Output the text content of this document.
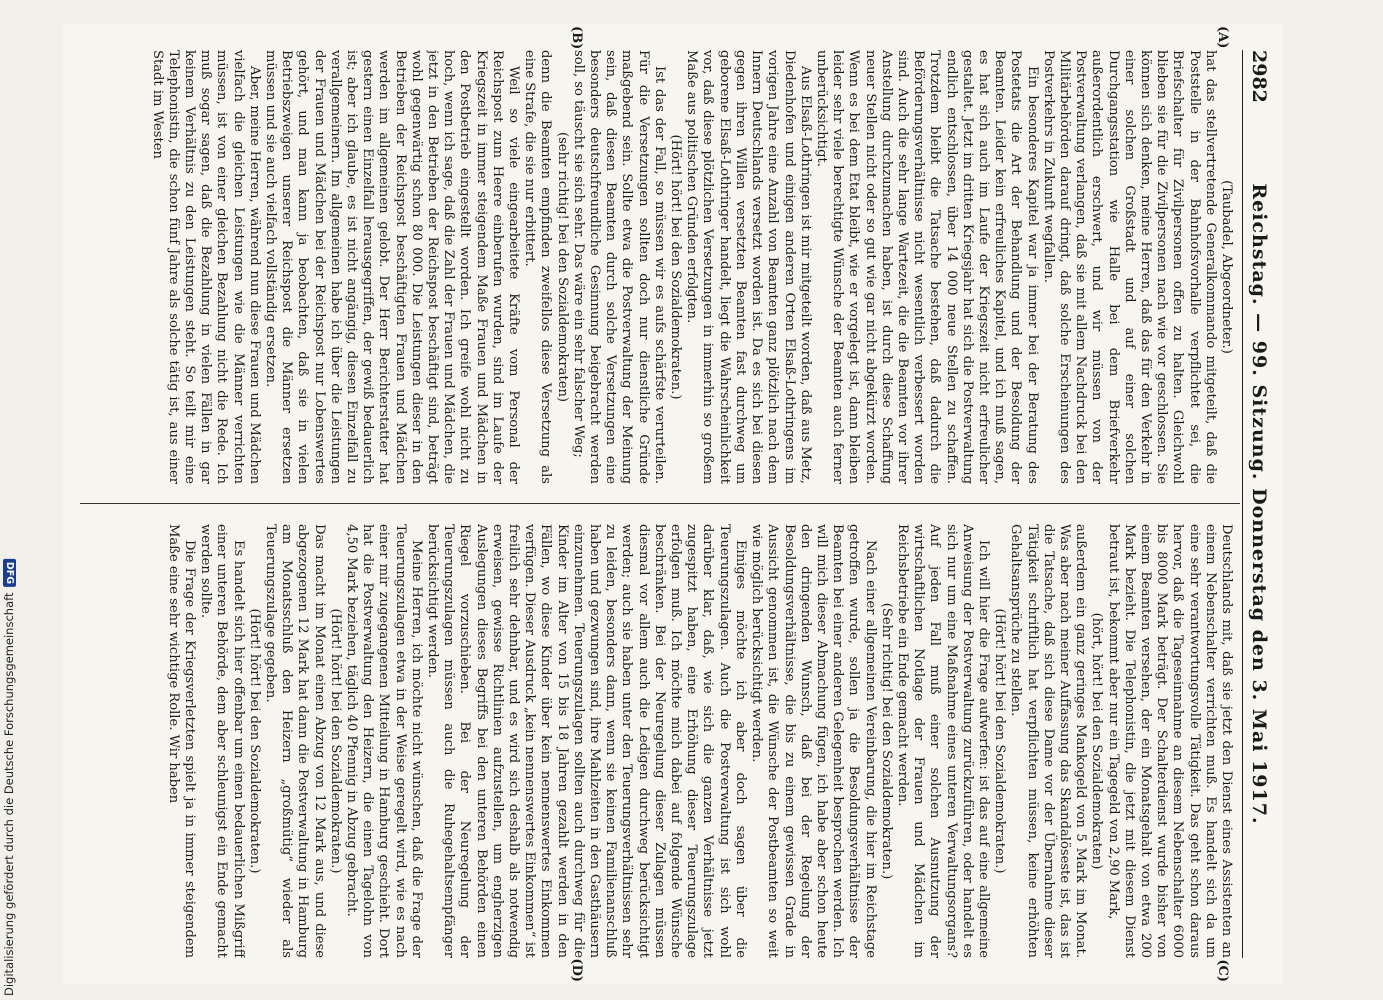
2982
Reichstag. — 99. Sitzung. Donnerstag den 3. Mai 1917.

(Taubadel, Abgeordneter.)

hat das stellvertretende Generalkommando mitgeteilt, daß die Poststelle in der Bahnhofsvorhalle verpflichtet sei, die Briefschalter für Zivilpersonen offen zu halten. Gleichwohl blieben sie für die Zivilpersonen nach wie vor geschlossen. Sie können sich denken, meine Herren, daß das für den Verkehr in einer solchen Großstadt und auf einer solchen Durchgangsstation wie Halle bei dem Briefverkehr außerordentlich erschwert, und wir müssen von der Postverwaltung verlangen, daß sie mit allem Nachdruck bei den Militärbehörden darauf dringt, daß solche Erscheinungen des Postverkehrs in Zukunft wegfallen.

Ein besonderes Kapitel war ja immer bei der Beratung des Postetats die Art der Behandlung und der Besoldung der Beamten. Leider kein erfreuliches Kapitel, und ich muß sagen, es hat sich auch im Laufe der Kriegszeit nicht erfreulicher gestaltet. Jetzt im dritten Kriegsjahr hat sich die Postverwaltung endlich entschlossen, über 14 000 neue Stellen zu schaffen. Trotzdem bleibt die Tatsache bestehen, daß dadurch die Beförderungsverhältnisse nicht wesentlich verbessert worden sind. Auch die sehr lange Wartezeit, die die Beamten vor ihrer Anstellung durchzumachen haben, ist durch diese Schaffung neuer Stellen nicht oder so gut wie gar nicht abgekürzt worden. Wenn es bei dem Etat bleibt, wie er vorgelegt ist, dann bleiben leider sehr viele berechtigte Wünsche der Beamten auch ferner unberücksichtigt.

Aus Elsaß-Lothringen ist mir mitgeteilt worden, daß aus Metz, Diedenhofen und einigen anderen Orten Elsaß-Lothringens im vorigen Jahre eine Anzahl von Beamten ganz plötzlich nach dem Innern Deutschlands versetzt worden ist. Da es sich bei diesen gegen ihren Willen versetzten Beamten fast durchweg um geborene Elsaß-Lothringer handelt, liegt die Wahrscheinlichkeit vor, daß diese plötzlichen Versetzungen in immerhin so großem Maße aus politischen Gründen erfolgten.

(Hört! hört! bei den Sozialdemokraten.)

Ist das der Fall, so müssen wir es aufs schärfste verurteilen. Für die Versetzungen sollten doch nur dienstliche Gründe maßgebend sein. Sollte etwa die Postverwaltung der Meinung sein, daß diesen Beamten durch solche Versetzungen eine besonders deutschfreundliche Gesinnung beigebracht werden soll, so täuscht sie sich sehr. Das wäre ein sehr falscher Weg;

(sehr richtig! bei den Sozialdemokraten)

denn die Beamten empfinden zweifellos diese Versetzung als eine Strafe, die sie nur erbittert.

Weil so viele eingearbeitete Kräfte vom Personal der Reichspost zum Heere einberufen wurden, sind im Laufe der Kriegszeit in immer steigendem Maße Frauen und Mädchen in den Postbetrieb eingestellt worden. Ich greife wohl nicht zu hoch, wenn ich sage, daß die Zahl der Frauen und Mädchen, die jetzt in den Betrieben der Reichspost beschäftigt sind, beträgt wohl gegenwärtig schon 80 000. Die Leistungen dieser in den Betrieben der Reichspost beschäftigten Frauen und Mädchen werden im allgemeinen gelobt. Der Herr Berichterstatter hat gestern einen Einzelfall herausgegriffen, der gewiß bedauerlich ist; aber ich glaube, es ist nicht angängig, diesen Einzelfall zu verallgemeinern. Im allgemeinen habe ich über die Leistungen der Frauen und Mädchen bei der Reichspost nur Lobenswertes gehört, und man kann ja beobachten, daß sie in vielen Betriebszweigen unserer Reichspost die Männer ersetzen müssen und sie auch vielfach vollständig ersetzen.

Aber, meine Herren, während nun diese Frauen und Mädchen vielfach die gleichen Leistungen wie die Männer verrichten müssen, ist von einer gleichen Bezahlung nicht die Rede. Ich muß sogar sagen, daß die Bezahlung in vielen Fällen in gar keinem Verhältnis zu den Leistungen steht. So teilt mir eine Telephonistin, die schon fünf Jahre als solche tätig ist, aus einer Stadt im Westen

Deutschlands mit, daß sie jetzt den Dienst eines Assistenten an einem Nebenschalter verrichten muß. Es handelt sich da um eine sehr verantwortungsvolle Tätigkeit. Das geht schon daraus hervor, daß die Tageseinnahme an diesem Nebenschalter 6000 bis 8000 Mark beträgt. Der Schalterdienst wurde bisher von einem Beamten versehen, der ein Monatsgehalt von etwa 200 Mark bezieht. Die Telephonistin, die jetzt mit diesem Dienst betraut ist, bekommt aber nur ein Tagegeld von 2,90 Mark,

(hört, hört! bei den Sozialdemokraten)

außerdem ein ganz geringes Mankogeld von 5 Mark im Monat. Was aber nach meiner Auffassung das Skandalöseste ist, das ist die Tatsache, daß sich diese Dame vor der Übernahme dieser Tätigkeit schriftlich hat verpflichten müssen, keine erhöhten Gehaltsansprüche zu stellen.

(Hört! hört! bei den Sozialdemokraten.)

Ich will hier die Frage aufwerfen: ist das auf eine allgemeine Anweisung der Postverwaltung zurückzuführen, oder handelt es sich nur um eine Maßnahme eines unteren Verwaltungsorgans? Auf jeden Fall muß einer solchen Ausnutzung der wirtschaftlichen Notlage der Frauen und Mädchen im Reichsbetriebe ein Ende gemacht werden.

(Sehr richtig! bei den Sozialdemokraten.)

Nach einer allgemeinen Vereinbarung, die hier im Reichstage getroffen wurde, sollen ja die Besoldungsverhältnisse der Beamten bei einer anderen Gelegenheit besprochen werden. Ich will mich dieser Abmachung fügen, ich habe aber schon heute den dringenden Wunsch, daß bei der Regelung der Besoldungsverhältnisse, die bis zu einem gewissen Grade in Aussicht genommen ist, die Wünsche der Postbeamten so weit wie möglich berücksichtigt werden.

Einiges möchte ich aber doch sagen über die Teuerungszulagen. Auch die Postverwaltung ist sich wohl darüber klar, daß, wie sich die ganzen Verhältnisse jetzt zugespitzt haben, eine Erhöhung dieser Teuerungszulage erfolgen muß. Ich möchte mich dabei auf folgende Wünsche beschränken. Bei der Neuregelung dieser Zulagen müssen diesmal vor allem auch die Ledigen durchweg berücksichtigt werden; auch sie haben unter den Teuerungsverhältnissen sehr zu leiden, besonders dann, wenn sie keinen Familienanschluß haben und gezwungen sind, ihre Mahlzeiten in den Gasthäusern einzunehmen. Teuerungszulagen sollten auch durchweg für die Kinder im Alter von 15 bis 18 Jahren gezahlt werden in den Fällen, wo diese Kinder über kein nennenswertes Einkommen verfügen. Dieser Ausdruck „kein nennenswertes Einkommen“ ist freilich sehr dehnbar, und es wird sich deshalb als notwendig erweisen, gewisse Richtlinien aufzustellen, um engherzigen Auslegungen dieses Begriffs bei den unteren Behörden einen Riegel vorzuschieben. Bei der Neuregelung der Teuerungszulagen müssen auch die Ruhegehaltsempfänger berücksichtigt werden.

Meine Herren, ich möchte nicht wünschen, daß die Frage der Teuerungszulagen etwa in der Weise geregelt wird, wie es nach einer mir zugegangenen Mitteilung in Hamburg geschieht. Dort hat die Postverwaltung den Heizern, die einen Tagelohn von 4,50 Mark beziehen, täglich 40 Pfennig in Abzug gebracht.

(Hört! hört! bei den Sozialdemokraten.)

Das macht im Monat einen Abzug von 12 Mark aus, und diese abgezogenen 12 Mark hat dann die Postverwaltung in Hamburg am Monatsschluß den Heizern „großmütig“ wieder als Teuerungszulage gegeben.

(Hört! hört! bei den Sozialdemokraten.)

Es handelt sich hier offenbar um einen bedauerlichen Mißgriff einer unteren Behörde, dem aber schleunigst ein Ende gemacht werden sollte.

Die Frage der Kriegsverletzten spielt ja in immer steigendem Maße eine sehr wichtige Rolle. Wir haben

(A)
(B)
(C)
(D)
Digitalisierung gefördert durch die Deutsche Forschungsgemeinschaft
DFG
